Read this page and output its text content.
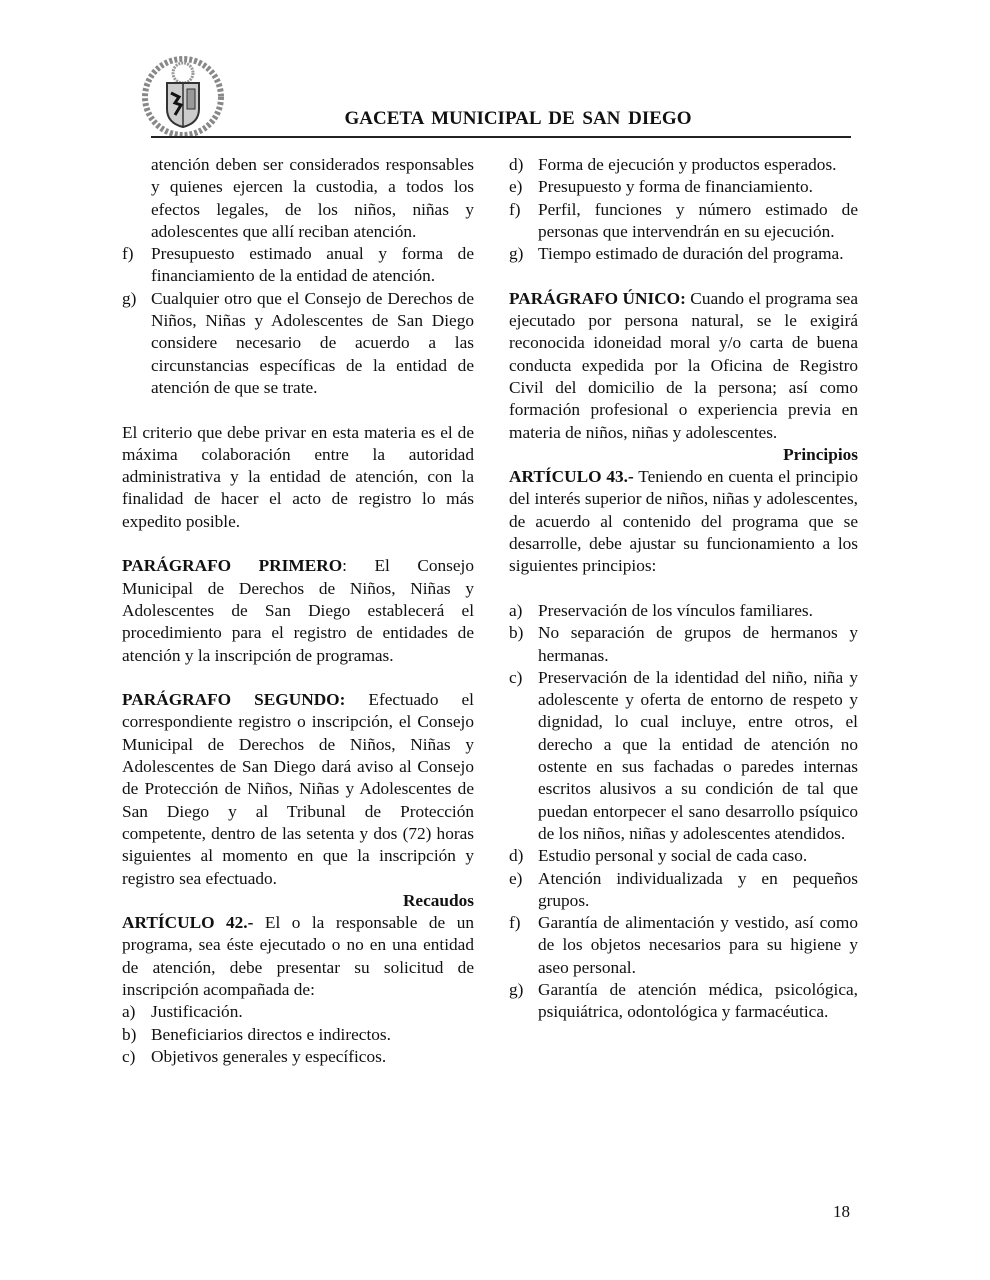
GACETA MUNICIPAL DE SAN DIEGO

atención deben ser considerados responsables y quienes ejercen la custodia, a todos los efectos legales, de los niños, niñas y adolescentes que allí reciban atención.

f)	Presupuesto estimado anual y forma de financiamiento de la entidad de atención.
g) Cualquier otro que el Consejo de Derechos de Niños, Niñas y Adolescentes de San Diego considere necesario de acuerdo a las circunstancias específicas de la entidad de atención de que se trate.

El criterio que debe privar en esta materia es el de máxima colaboración entre la autoridad administrativa y la entidad de atención, con la finalidad de hacer el acto de registro lo más expedito posible.

PARÁGRAFO PRIMERO: El Consejo Municipal de Derechos de Niños, Niñas y Adolescentes de San Diego establecerá el procedimiento para el registro de entidades de atención y la inscripción de programas.

PARÁGRAFO SEGUNDO: Efectuado el correspondiente registro o inscripción, el Consejo Municipal de Derechos de Niños, Niñas y Adolescentes de San Diego dará aviso al Consejo de Protección de Niños, Niñas y Adolescentes de San Diego y al Tribunal de Protección competente, dentro de las setenta y dos (72) horas siguientes al momento en que la inscripción y registro sea efectuado.

Recaudos

ARTÍCULO 42.- El o la responsable de un programa, sea éste ejecutado o no en una entidad de atención, debe presentar su solicitud de inscripción acompañada de:

a) Justificación.
b) Beneficiarios directos e indirectos.
c) Objetivos generales y específicos.
d) Forma de ejecución y productos esperados.
e) Presupuesto y forma de financiamiento.
f)	Perfil, funciones y número estimado de personas que intervendrán en su ejecución.
g) Tiempo estimado de duración del programa.

PARÁGRAFO ÚNICO: Cuando el programa sea ejecutado por persona natural, se le exigirá reconocida idoneidad moral y/o carta de buena conducta expedida por la Oficina de Registro Civil del domicilio de la persona; así como formación profesional o experiencia previa en materia de niños, niñas y adolescentes.

Principios

ARTÍCULO 43.- Teniendo en cuenta el principio del interés superior de niños, niñas y adolescentes, de acuerdo al contenido del programa que se desarrolle, debe ajustar su funcionamiento a los siguientes principios:

a) Preservación de los vínculos familiares.
b) No separación de grupos de hermanos y hermanas.
c) Preservación de la identidad del niño, niña y adolescente y oferta de entorno de respeto y dignidad, lo cual incluye, entre otros, el derecho a que la entidad de atención no ostente en sus fachadas o paredes internas escritos alusivos a su condición de tal que puedan entorpecer el sano desarrollo psíquico de los niños, niñas y adolescentes atendidos.
d) Estudio personal y social de cada caso.
e) Atención individualizada y en pequeños grupos.
f)	Garantía de alimentación y vestido, así como de los objetos necesarios para su higiene y aseo personal.
g) Garantía de atención médica, psicológica, psiquiátrica, odontológica y farmacéutica.
18
